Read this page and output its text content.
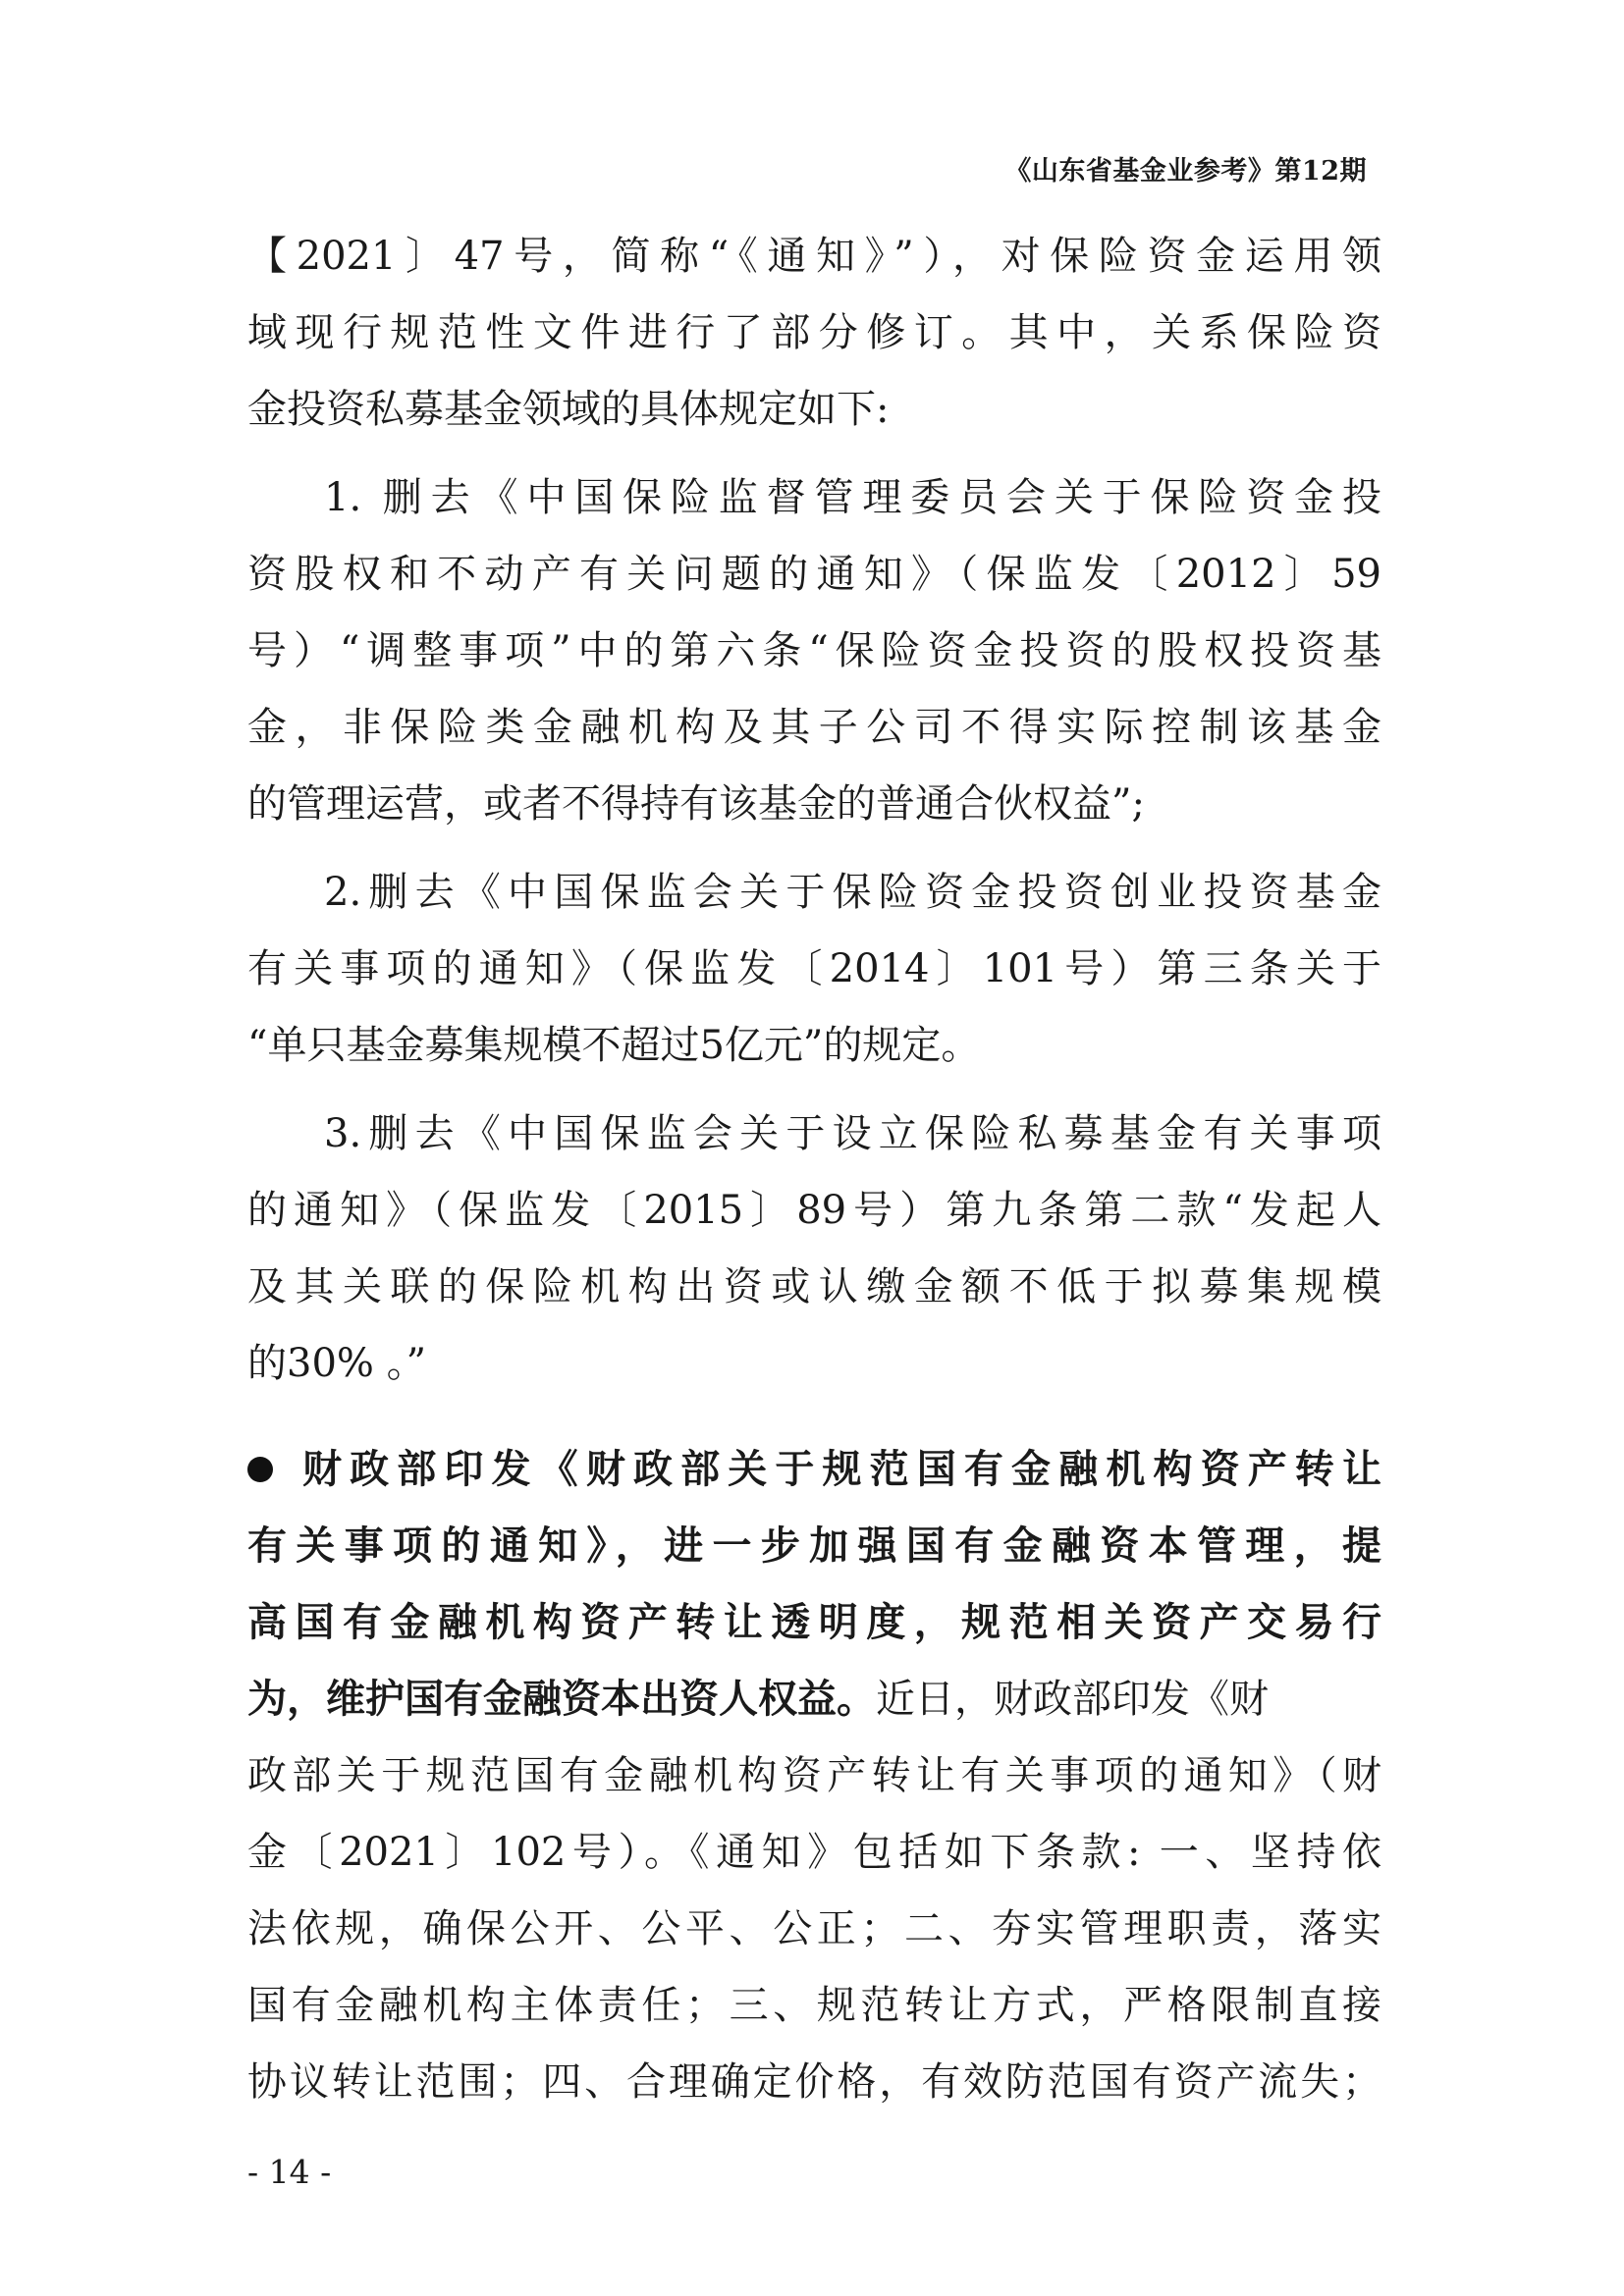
《山东省基金业参考》第12期
【2021〕47号，简称“《通知》”），对保险资金运用领
域现行规范性文件进行了部分修订。其中，关系保险资
金投资私募基金领域的具体规定如下:
1. 删去《中国保险监督管理委员会关于保险资金投
资股权和不动产有关问题的通知》（保监发〔2012〕59
号）“调整事项”中的第六条“保险资金投资的股权投资基
金，非保险类金融机构及其子公司不得实际控制该基金
的管理运营，或者不得持有该基金的普通合伙权益”;
2.删去《中国保监会关于保险资金投资创业投资基金
有关事项的通知》（保监发〔2014〕101号）第三条关于
“单只基金募集规模不超过5亿元”的规定。
3.删去《中国保监会关于设立保险私募基金有关事项
的通知》（保监发〔2015〕89号）第九条第二款“发起人
及其关联的保险机构出资或认缴金额不低于拟募集规模
的30% 。”
财政部印发《财政部关于规范国有金融机构资产转让
有关事项的通知》，进一步加强国有金融资本管理，提
高国有金融机构资产转让透明度，规范相关资产交易行
为，维护国有金融资本出资人权益。近日，财政部印发《财
政部关于规范国有金融机构资产转让有关事项的通知》（财
金〔2021〕102号）。《通知》包括如下条款: 一、坚持依
法依规，确保公开、公平、公正；二、夯实管理职责，落实
国有金融机构主体责任；三、规范转让方式，严格限制直接
协议转让范围；四、合理确定价格，有效防范国有资产流失；
- 14 -
